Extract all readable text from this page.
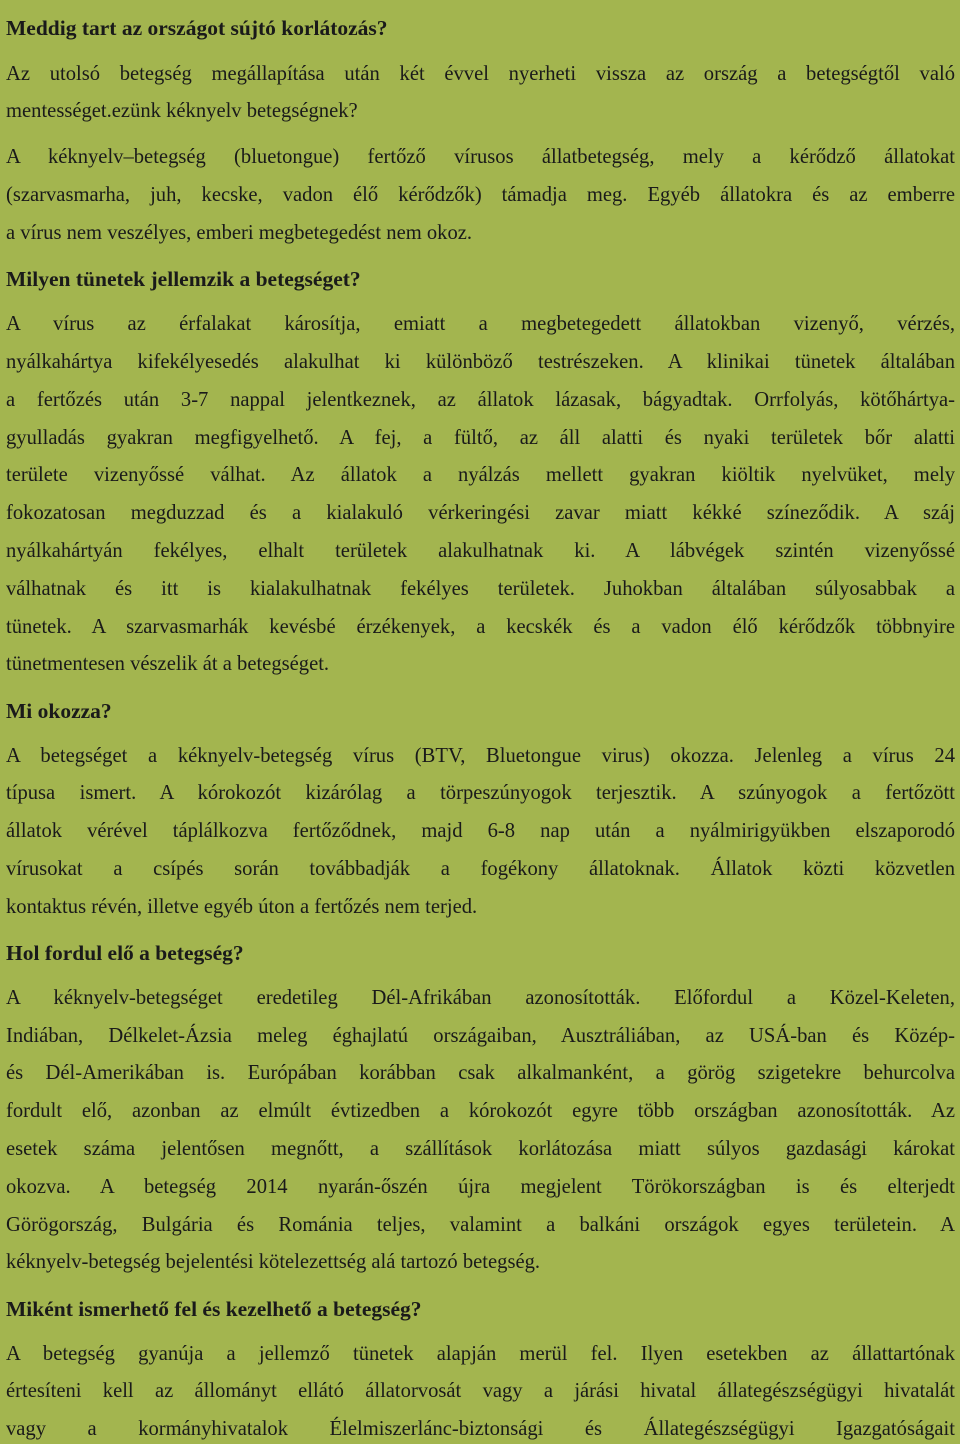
Meddig tart az országot sújtó korlátozás?
Az utolsó betegség megállapítása után két évvel nyerheti vissza az ország a betegségtől való
mentességet.ezünk kéknyelv betegségnek?
A kéknyelv–betegség (bluetongue) fertőző vírusos állatbetegség, mely a kérődző állatokat
(szarvasmarha, juh, kecske, vadon élő kérődzők) támadja meg. Egyéb állatokra és az emberre
a vírus nem veszélyes, emberi megbetegedést nem okoz.
Milyen tünetek jellemzik a betegséget?
A vírus az érfalakat károsítja, emiatt a megbetegedett állatokban vizenyő, vérzés,
nyálkahártya kifekélyesedés alakulhat ki különböző testrészeken. A klinikai tünetek általában
a fertőzés után 3-7 nappal jelentkeznek, az állatok lázasak, bágyadtak. Orrfolyás, kötőhártya-
gyulladás gyakran megfigyelhető. A fej, a fültő, az áll alatti és nyaki területek bőr alatti
területe vizenyőssé válhat. Az állatok a nyálzás mellett gyakran kiöltik nyelvüket, mely
fokozatosan megduzzad és a kialakuló vérkeringési zavar miatt kékké színeződik. A száj
nyálkahártyán fekélyes, elhalt területek alakulhatnak ki. A lábvégek szintén vizenyőssé
válhatnak és itt is kialakulhatnak fekélyes területek. Juhokban általában súlyosabbak a
tünetek. A szarvasmarhák kevésbé érzékenyek, a kecskék és a vadon élő kérődzők többnyire
tünetmentesen vészelik át a betegséget.
Mi okozza?
A betegséget a kéknyelv-betegség vírus (BTV, Bluetongue virus) okozza. Jelenleg a vírus 24
típusa ismert. A kórokozót kizárólag a törpeszúnyogok terjesztik. A szúnyogok a fertőzött
állatok vérével táplálkozva fertőződnek, majd 6-8 nap után a nyálmirigyükben elszaporodó
vírusokat a csípés során továbbadják a fogékony állatoknak. Állatok közti közvetlen
kontaktus révén, illetve egyéb úton a fertőzés nem terjed.
Hol fordul elő a betegség?
A kéknyelv-betegséget eredetileg Dél-Afrikában azonosították. Előfordul a Közel-Keleten,
Indiában, Délkelet-Ázsia meleg éghajlatú országaiban, Ausztráliában, az USÁ-ban és Közép-
és Dél-Amerikában is. Európában korábban csak alkalmanként, a görög szigetekre behurcolva
fordult elő, azonban az elmúlt évtizedben a kórokozót egyre több országban azonosították. Az
esetek száma jelentősen megnőtt, a szállítások korlátozása miatt súlyos gazdasági károkat
okozva. A betegség 2014 nyarán-őszén újra megjelent Törökországban is és elterjedt
Görögország, Bulgária és Románia teljes, valamint a balkáni országok egyes területein. A
kéknyelv-betegség bejelentési kötelezettség alá tartozó betegség.
Miként ismerhető fel és kezelhető a betegség?
A betegség gyanúja a jellemző tünetek alapján merül fel. Ilyen esetekben az állattartónak
értesíteni kell az állományt ellátó állatorvosát vagy a járási hivatal állategészségügyi hivatalát
vagy a kormányhivatalok Élelmiszerlánc-biztonsági és Állategészségügyi Igazgatóságait
